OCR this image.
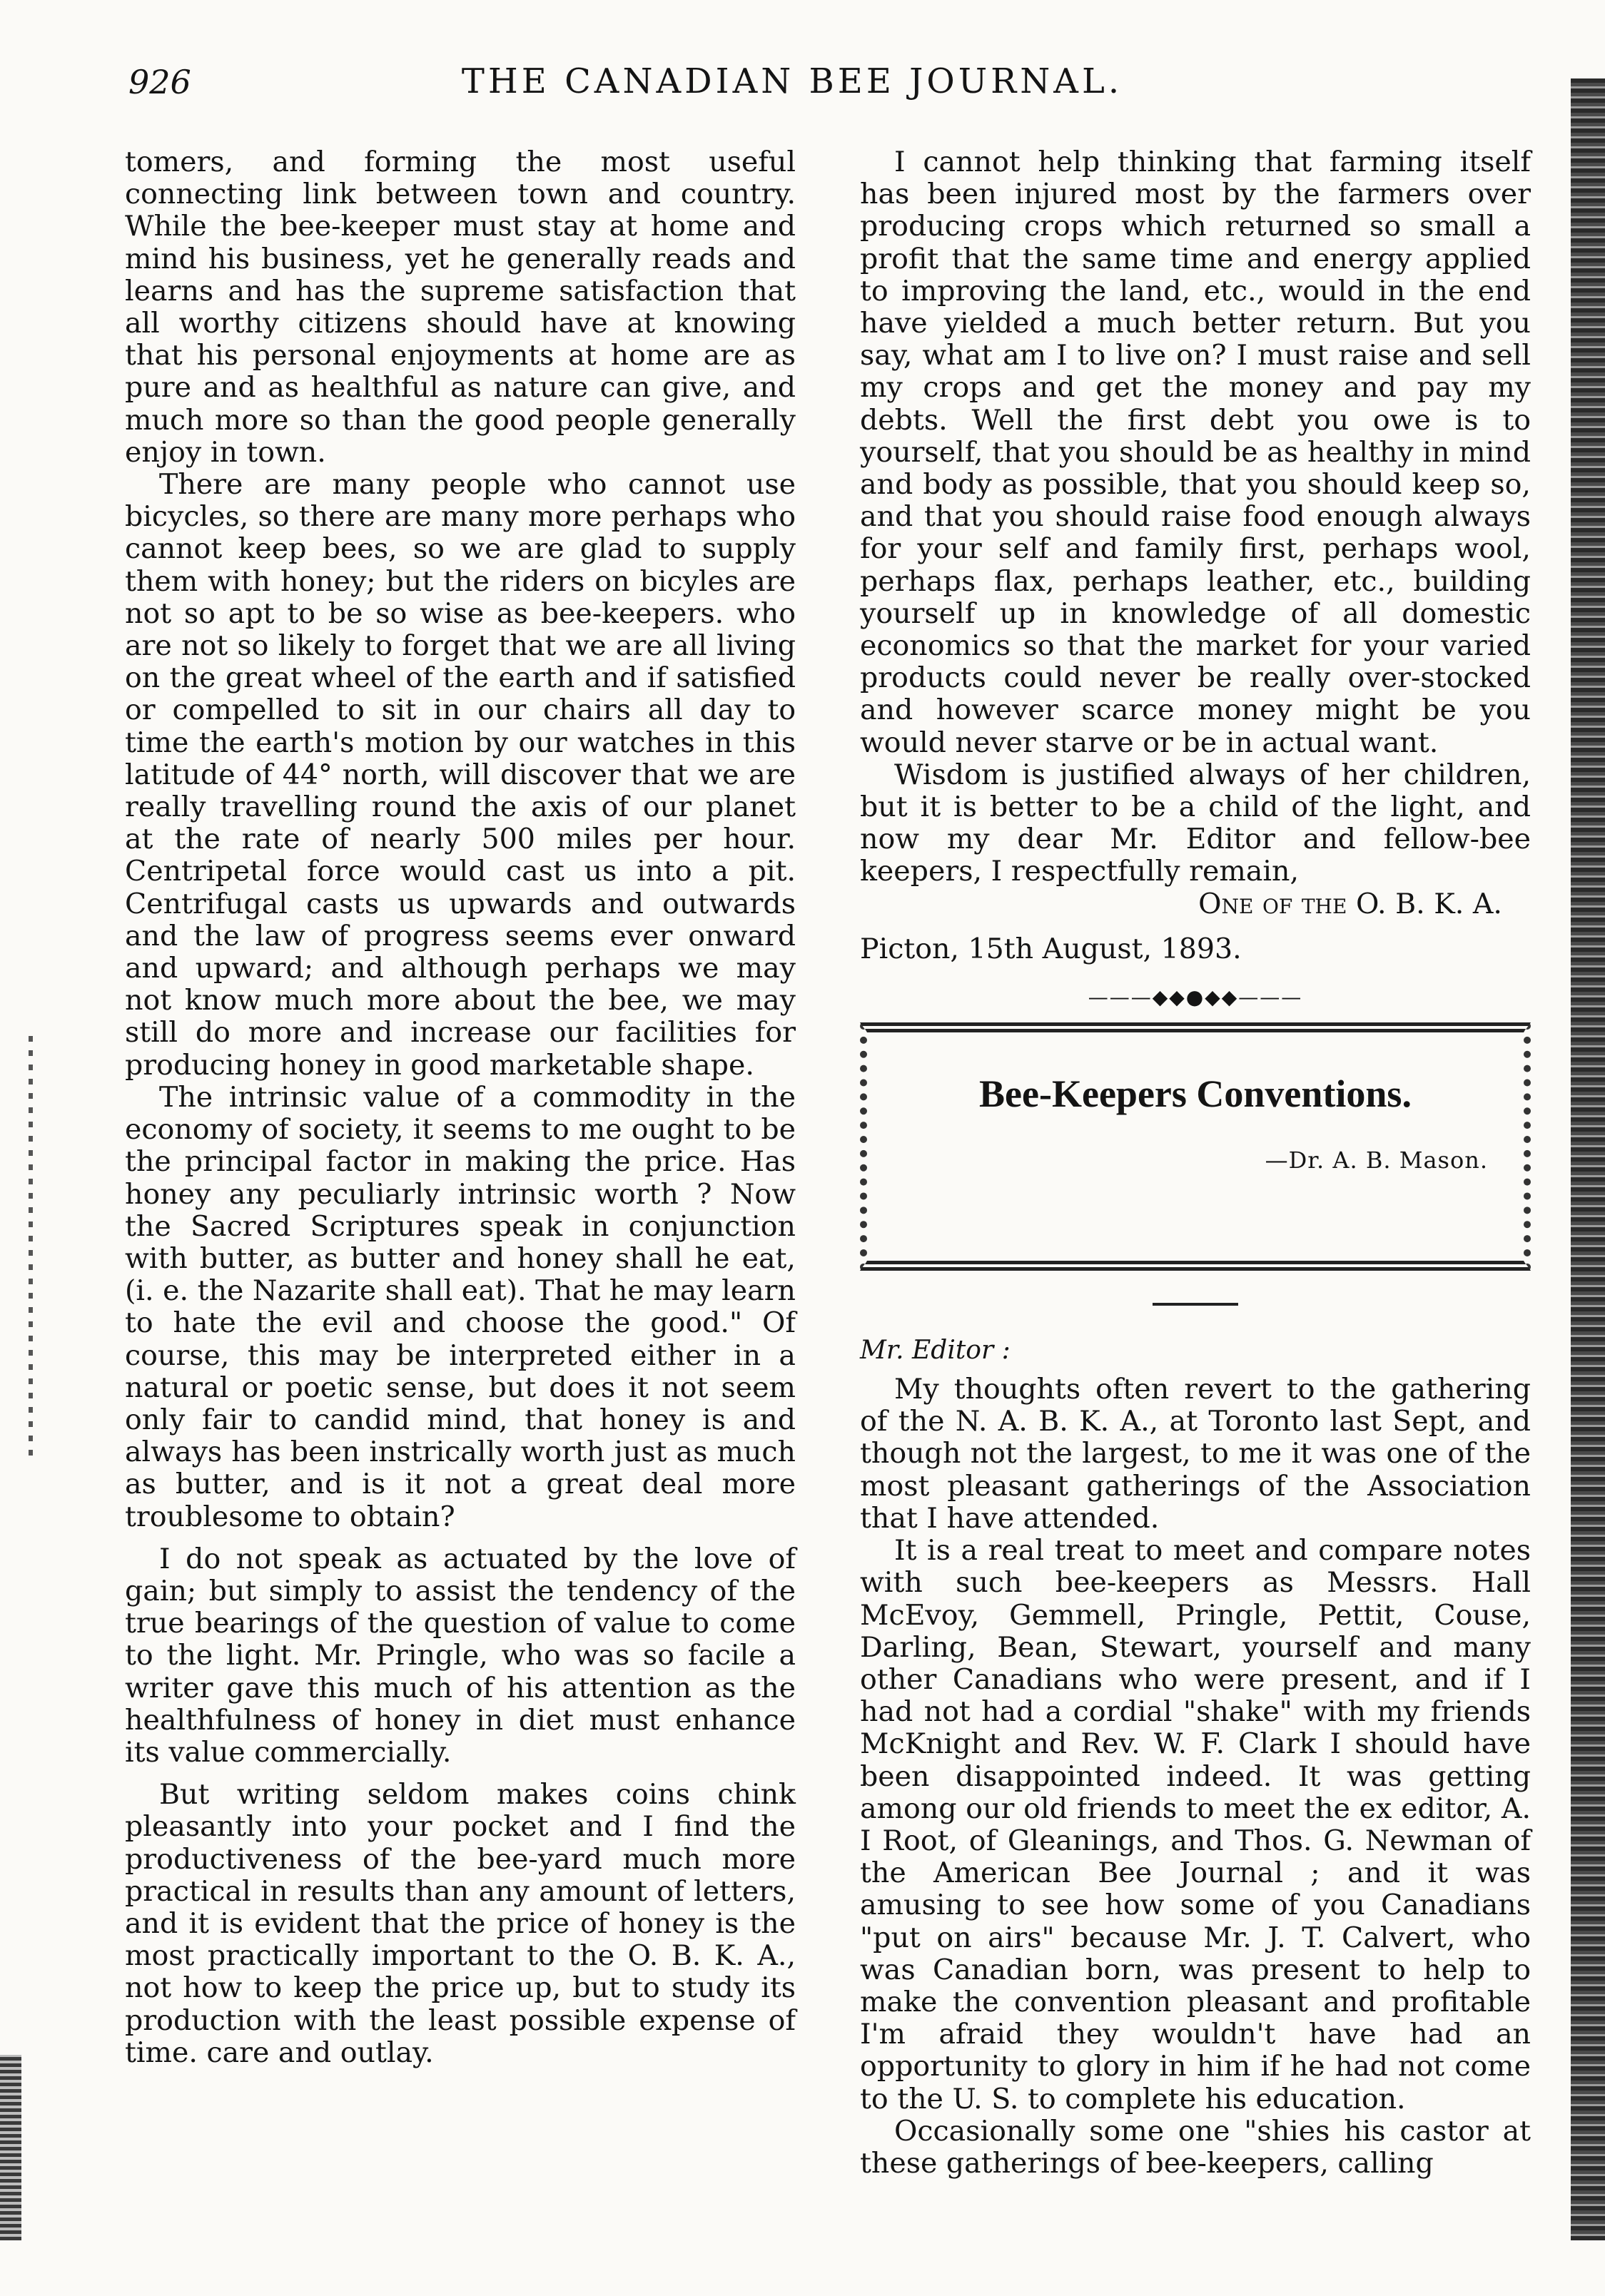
926	THE CANADIAN BEE JOURNAL.

tomers, and forming the most useful connecting link between town and country. While the bee-keeper must stay at home and mind his business, yet he generally reads and learns and has the supreme satisfaction that all worthy citizens should have at knowing that his personal enjoyments at home are as pure and as healthful as nature can give, and much more so than the good people generally enjoy in town.

There are many people who cannot use bicycles, so there are many more perhaps who cannot keep bees, so we are glad to supply them with honey; but the riders on bicyles are not so apt to be so wise as bee-keepers. who are not so likely to forget that we are all living on the great wheel of the earth and if satisfied or compelled to sit in our chairs all day to time the earth's motion by our watches in this latitude of 44° north, will discover that we are really travelling round the axis of our planet at the rate of nearly 500 miles per hour. Centripetal force would cast us into a pit. Centrifugal casts us upwards and outwards and the law of progress seems ever onward and upward; and although perhaps we may not know much more about the bee, we may still do more and increase our facilities for producing honey in good marketable shape.

The intrinsic value of a commodity in the economy of society, it seems to me ought to be the principal factor in making the price. Has honey any peculiarly intrinsic worth ? Now the Sacred Scriptures speak in conjunction with butter, as butter and honey shall he eat, (i. e. the Nazarite shall eat). That he may learn to hate the evil and choose the good." Of course, this may be interpreted either in a natural or poetic sense, but does it not seem only fair to candid mind, that honey is and always has been instrically worth just as much as butter, and is it not a great deal more troublesome to obtain?

I do not speak as actuated by the love of gain; but simply to assist the tendency of the true bearings of the question of value to come to the light. Mr. Pringle, who was so facile a writer gave this much of his attention as the healthfulness of honey in diet must enhance its value commercially.

But writing seldom makes coins chink pleasantly into your pocket and I find the productiveness of the bee-yard much more practical in results than any amount of letters, and it is evident that the price of honey is the most practically important to the O. B. K. A., not how to keep the price up, but to study its production with the least possible expense of time. care and outlay.

I cannot help thinking that farming itself has been injured most by the farmers over producing crops which returned so small a profit that the same time and energy applied to improving the land, etc., would in the end have yielded a much better return. But you say, what am I to live on? I must raise and sell my crops and get the money and pay my debts. Well the first debt you owe is to yourself, that you should be as healthy in mind and body as possible, that you should keep so, and that you should raise food enough always for your self and family first, perhaps wool, perhaps flax, perhaps leather, etc., building yourself up in knowledge of all domestic economics so that the market for your varied products could never be really over-stocked and however scarce money might be you would never starve or be in actual want.

Wisdom is justified always of her children, but it is better to be a child of the light, and now my dear Mr. Editor and fellow-bee keepers, I respectfully remain,

One of the O. B. K. A.
Picton, 15th August, 1893.
———◆◆●◆◆———
Bee-Keepers Conventions.
—Dr. A. B. Mason.
Mr. Editor :

My thoughts often revert to the gathering of the N. A. B. K. A., at Toronto last Sept, and though not the largest, to me it was one of the most pleasant gatherings of the Association that I have attended.

It is a real treat to meet and compare notes with such bee-keepers as Messrs. Hall McEvoy, Gemmell, Pringle, Pettit, Couse, Darling, Bean, Stewart, yourself and many other Canadians who were present, and if I had not had a cordial "shake" with my friends McKnight and Rev. W. F. Clark I should have been disappointed indeed. It was getting among our old friends to meet the ex editor, A. I Root, of Gleanings, and Thos. G. Newman of the American Bee Journal ; and it was amusing to see how some of you Canadians "put on airs" because Mr. J. T. Calvert, who was Canadian born, was present to help to make the convention pleasant and profitable I'm afraid they wouldn't have had an opportunity to glory in him if he had not come to the U. S. to complete his education.

Occasionally some one "shies his castor at these gatherings of bee-keepers, calling
